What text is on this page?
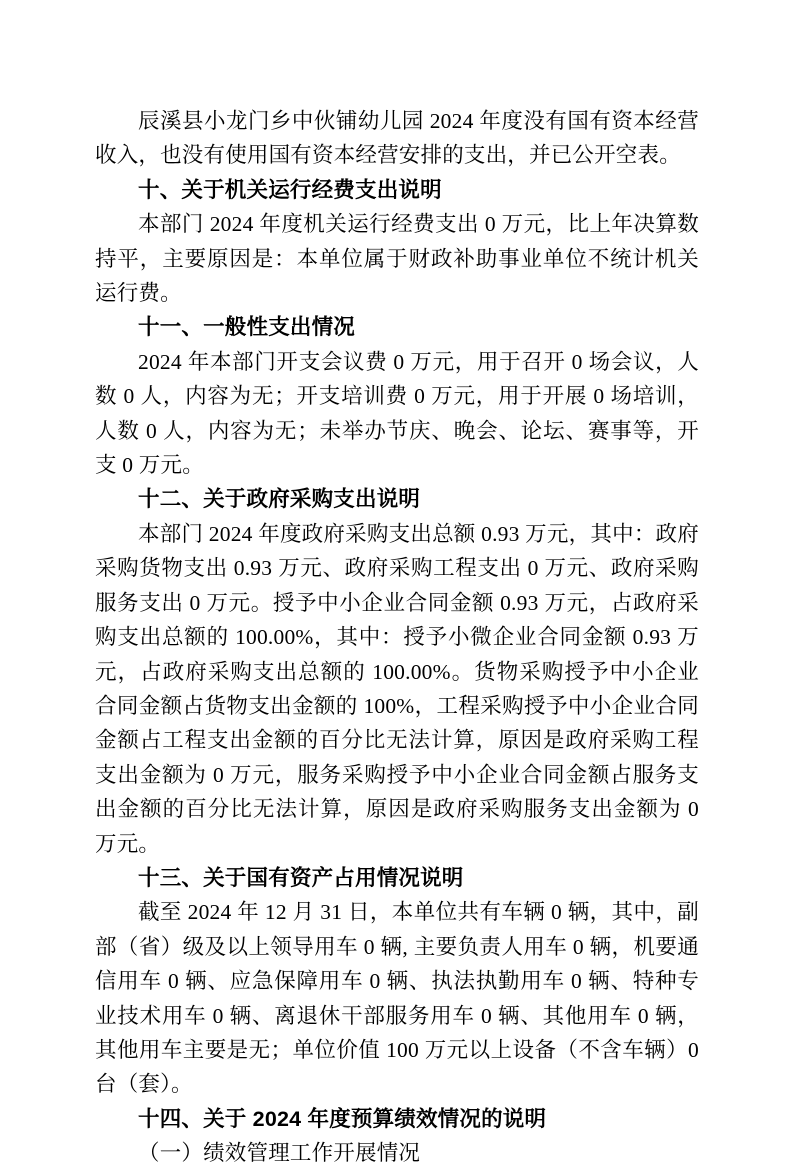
辰溪县小龙门乡中伙铺幼儿园 2024 年度没有国有资本经营收入，也没有使用国有资本经营安排的支出，并已公开空表。

十、关于机关运行经费支出说明

本部门 2024 年度机关运行经费支出 0 万元，比上年决算数持平，主要原因是：本单位属于财政补助事业单位不统计机关运行费。

十一、一般性支出情况

2024 年本部门开支会议费 0 万元，用于召开 0 场会议，人数 0 人，内容为无；开支培训费 0 万元，用于开展 0 场培训，人数 0 人，内容为无；未举办节庆、晚会、论坛、赛事等，开支 0 万元。

十二、关于政府采购支出说明

本部门 2024 年度政府采购支出总额 0.93 万元，其中：政府采购货物支出 0.93 万元、政府采购工程支出 0 万元、政府采购服务支出 0 万元。授予中小企业合同金额 0.93 万元，占政府采购支出总额的 100.00%，其中：授予小微企业合同金额 0.93 万元，占政府采购支出总额的 100.00%。货物采购授予中小企业合同金额占货物支出金额的 100%，工程采购授予中小企业合同金额占工程支出金额的百分比无法计算，原因是政府采购工程支出金额为 0 万元，服务采购授予中小企业合同金额占服务支出金额的百分比无法计算，原因是政府采购服务支出金额为 0 万元。

十三、关于国有资产占用情况说明

截至 2024 年 12 月 31 日，本单位共有车辆 0 辆，其中，副部（省）级及以上领导用车 0 辆, 主要负责人用车 0 辆，机要通信用车 0 辆、应急保障用车 0 辆、执法执勤用车 0 辆、特种专业技术用车 0 辆、离退休干部服务用车 0 辆、其他用车 0 辆，其他用车主要是无；单位价值 100 万元以上设备（不含车辆）0 台（套）。

十四、关于 2024 年度预算绩效情况的说明
（一）绩效管理工作开展情况
